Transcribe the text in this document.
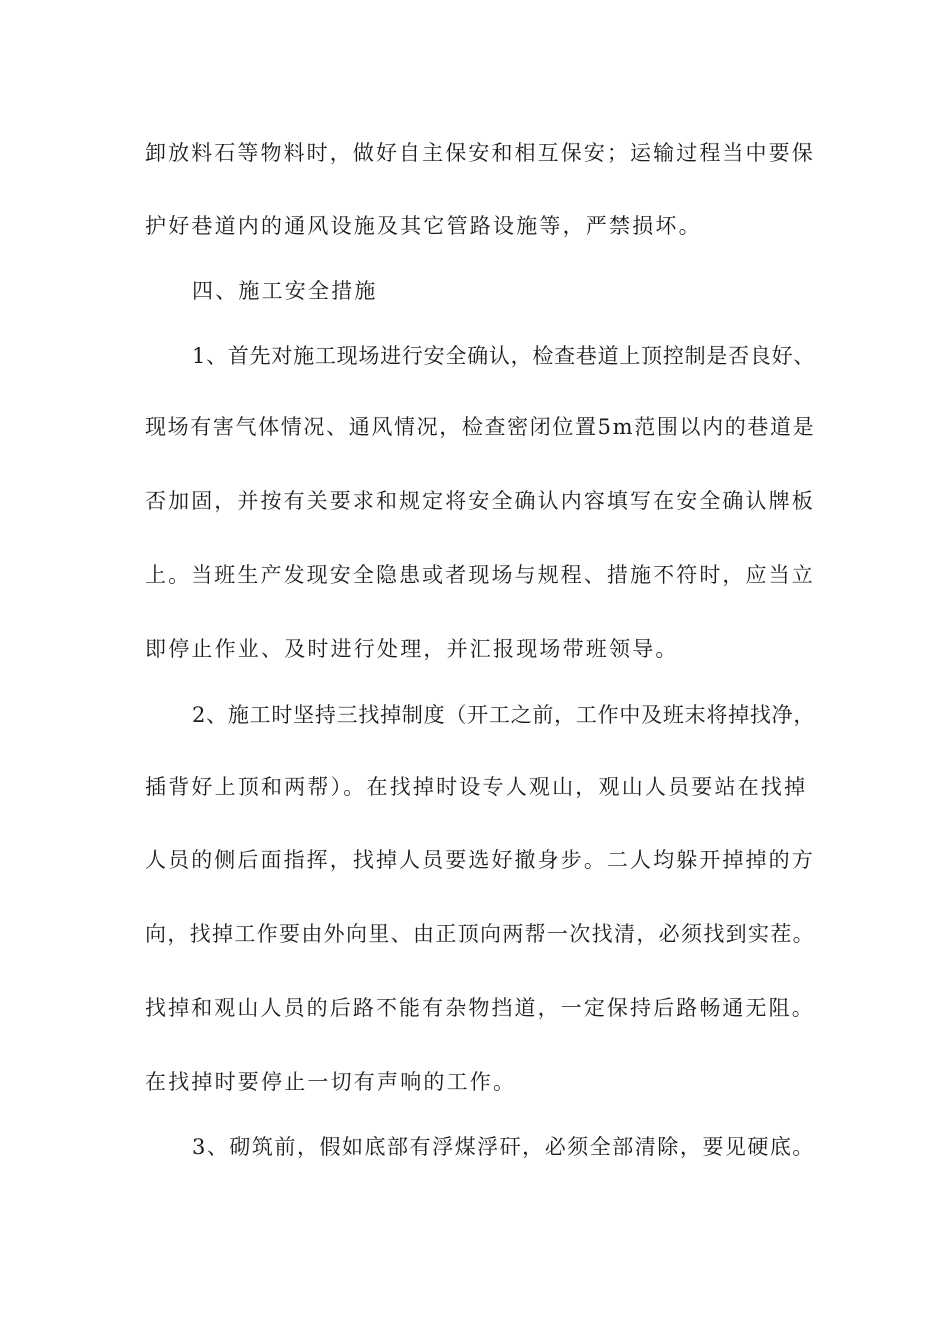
卸放料石等物料时，做好自主保安和相互保安；运输过程当中要保
护好巷道内的通风设施及其它管路设施等，严禁损坏。
四、施工安全措施
1、首先对施工现场进行安全确认，检查巷道上顶控制是否良好、
现场有害气体情况、通风情况，检查密闭位置5m范围以内的巷道是
否加固，并按有关要求和规定将安全确认内容填写在安全确认牌板
上。当班生产发现安全隐患或者现场与规程、措施不符时，应当立
即停止作业、及时进行处理，并汇报现场带班领导。
2、施工时坚持三找掉制度（开工之前，工作中及班末将掉找净，
插背好上顶和两帮）。在找掉时设专人观山，观山人员要站在找掉
人员的侧后面指挥，找掉人员要选好撤身步。二人均躲开掉掉的方
向，找掉工作要由外向里、由正顶向两帮一次找清，必须找到实茬。
找掉和观山人员的后路不能有杂物挡道，一定保持后路畅通无阻。
在找掉时要停止一切有声响的工作。
3、砌筑前，假如底部有浮煤浮矸，必须全部清除，要见硬底。
